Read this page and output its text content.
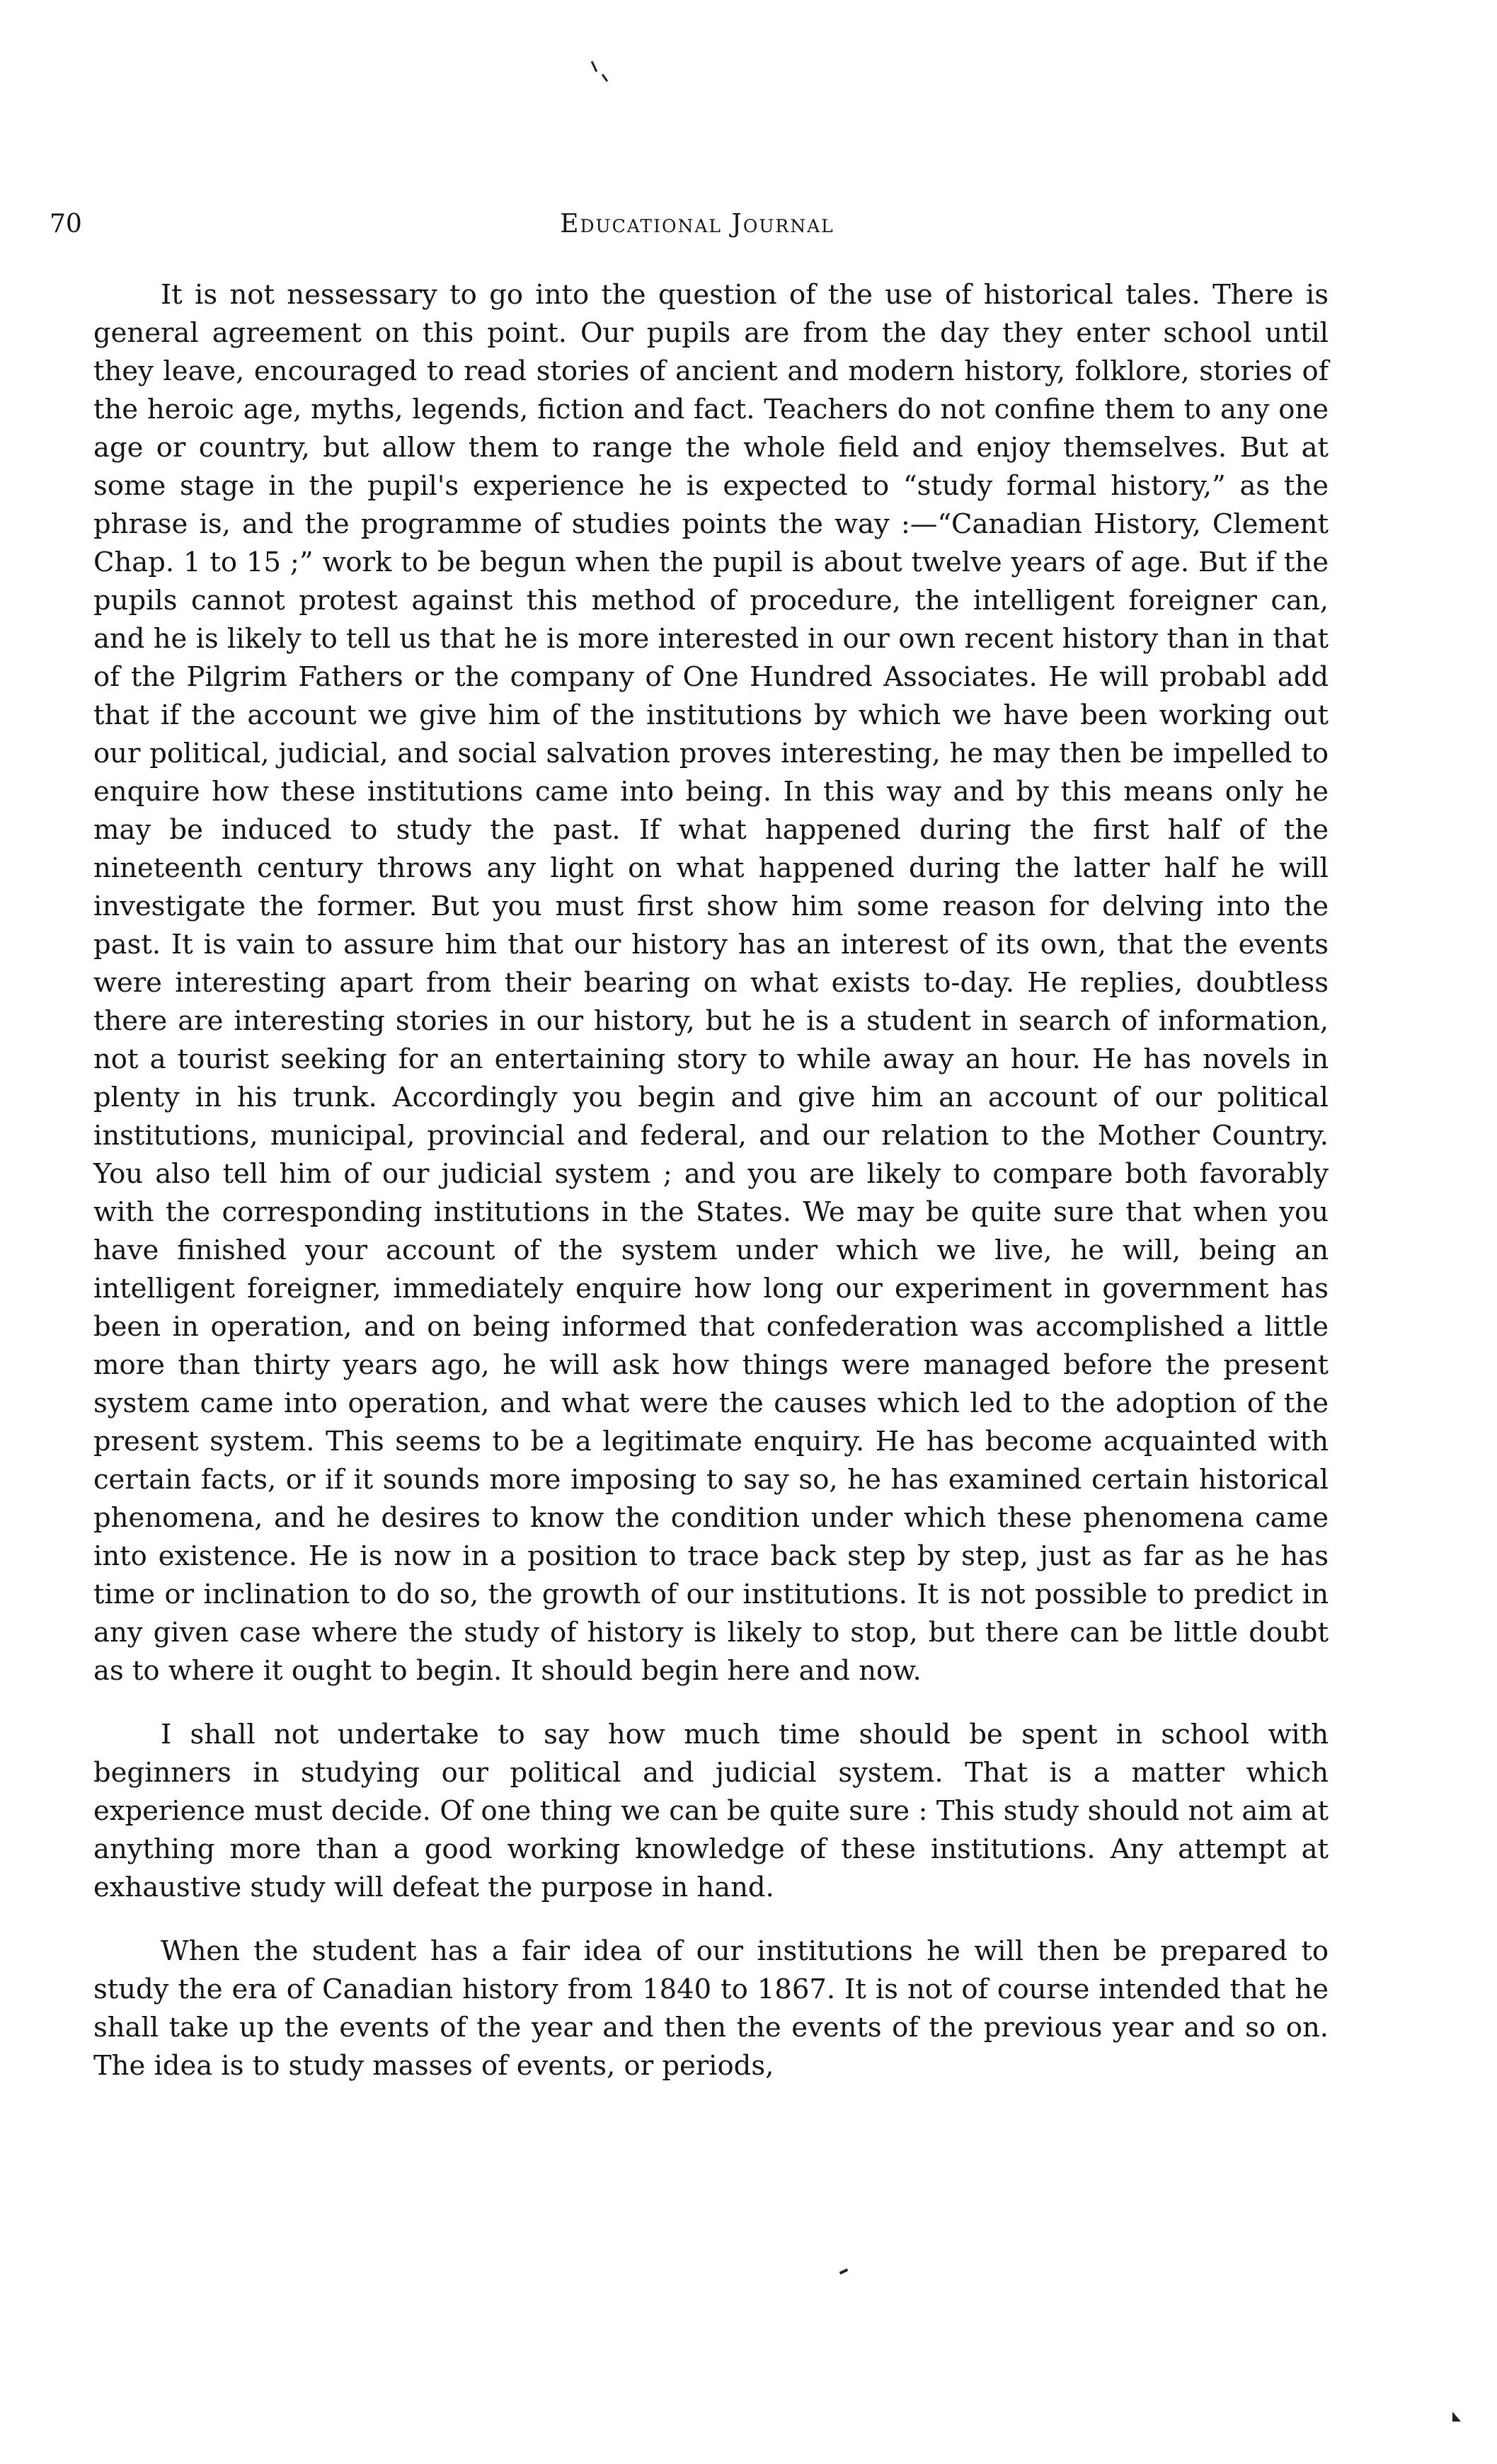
70	Educational Journal

It is not nessessary to go into the question of the use of historical tales. There is general agreement on this point. Our pupils are from the day they enter school until they leave, encouraged to read stories of ancient and modern history, folklore, stories of the heroic age, myths, legends, fiction and fact. Teachers do not confine them to any one age or country, but allow them to range the whole field and enjoy themselves. But at some stage in the pupil's experience he is expected to “study formal history,” as the phrase is, and the programme of studies points the way :—“Canadian History, Clement Chap. 1 to 15 ;” work to be begun when the pupil is about twelve years of age. But if the pupils cannot protest against this method of procedure, the intelligent foreigner can, and he is likely to tell us that he is more interested in our own recent history than in that of the Pilgrim Fathers or the company of One Hundred Associates. He will probabl add that if the account we give him of the institutions by which we have been working out our political, judicial, and social salvation proves interesting, he may then be impelled to enquire how these institutions came into being. In this way and by this means only he may be induced to study the past. If what happened during the first half of the nineteenth century throws any light on what happened during the latter half he will investigate the former. But you must first show him some reason for delving into the past. It is vain to assure him that our history has an interest of its own, that the events were interesting apart from their bearing on what exists to-day. He replies, doubtless there are interesting stories in our history, but he is a student in search of information, not a tourist seeking for an entertaining story to while away an hour. He has novels in plenty in his trunk. Accordingly you begin and give him an account of our political institutions, municipal, provincial and federal, and our relation to the Mother Country. You also tell him of our judicial system ; and you are likely to compare both favorably with the corresponding institutions in the States. We may be quite sure that when you have finished your account of the system under which we live, he will, being an intelligent foreigner, immediately enquire how long our experiment in government has been in operation, and on being informed that confederation was accomplished a little more than thirty years ago, he will ask how things were managed before the present system came into operation, and what were the causes which led to the adoption of the present system. This seems to be a legitimate enquiry. He has become acquainted with certain facts, or if it sounds more imposing to say so, he has examined certain historical phenomena, and he desires to know the condition under which these phenomena came into existence. He is now in a position to trace back step by step, just as far as he has time or inclination to do so, the growth of our institutions. It is not possible to predict in any given case where the study of history is likely to stop, but there can be little doubt as to where it ought to begin. It should begin here and now.

I shall not undertake to say how much time should be spent in school with beginners in studying our political and judicial system. That is a matter which experience must decide. Of one thing we can be quite sure : This study should not aim at anything more than a good working knowledge of these institutions. Any attempt at exhaustive study will defeat the purpose in hand.

When the student has a fair idea of our institutions he will then be prepared to study the era of Canadian history from 1840 to 1867. It is not of course intended that he shall take up the events of the year and then the events of the previous year and so on. The idea is to study masses of events, or periods,
